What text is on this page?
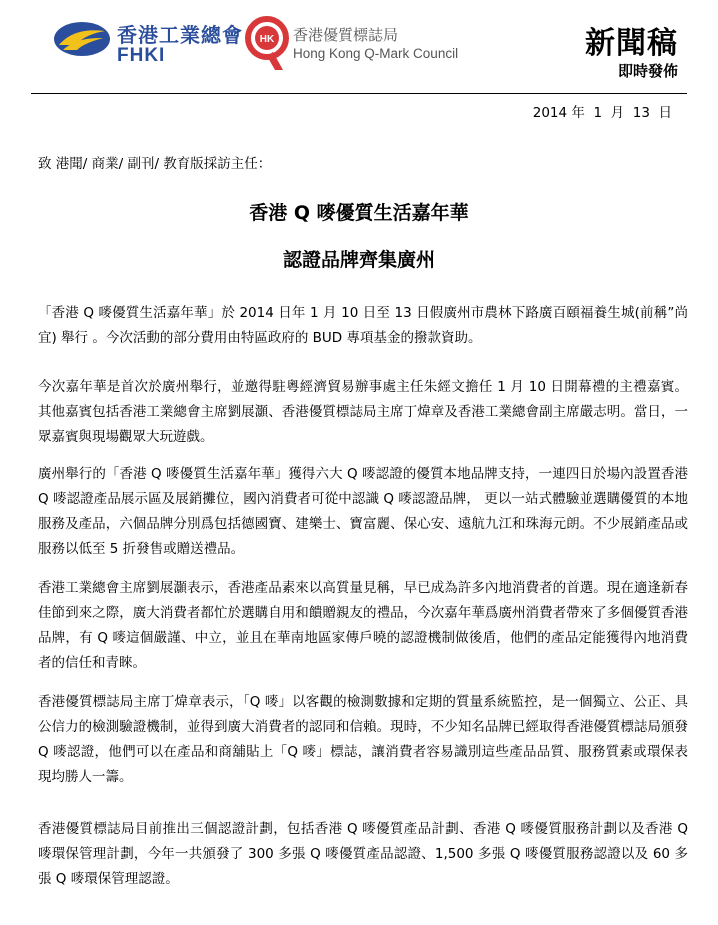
香港工業總會
FHKI
HK 香港優質標誌局
Hong Kong Q-Mark Council	新聞稿
即時發佈
2014 年  1  月  13  日
致 港聞/ 商業/ 副刊/ 教育版採訪主任：
香港 Q 嘜優質生活嘉年華
認證品牌齊集廣州

「香港 Q 嘜優質生活嘉年華」於 2014 日年 1 月 10 日至 13 日假廣州市農林下路廣百頤福養生城(前稱”尚宜) 舉行 。今次活動的部分費用由特區政府的 BUD 專項基金的撥款資助。

今次嘉年華是首次於廣州舉行，並邀得駐粵經濟貿易辦事處主任朱經文擔任 1 月 10 日開幕禮的主禮嘉賓。其他嘉賓包括香港工業總會主席劉展灝、香港優質標誌局主席丁煒章及香港工業總會副主席嚴志明。當日，一眾嘉賓與現場觀眾大玩遊戲。

廣州舉行的「香港 Q 嘜優質生活嘉年華」獲得六大 Q 嘜認證的優質本地品牌支持，一連四日於場內設置香港 Q 嘜認證產品展示區及展銷攤位，國內消費者可從中認識 Q 嘜認證品牌， 更以一站式體驗並選購優質的本地服務及產品，六個品牌分別爲包括德國寶、建樂士、寶富麗、保心安、遠航九江和珠海元朗。不少展銷產品或服務以低至 5 折發售或贈送禮品。

香港工業總會主席劉展灝表示，香港產品素來以高質量見稱，早已成為許多內地消費者的首選。現在適逢新春佳節到來之際，廣大消費者都忙於選購自用和饋贈親友的禮品，今次嘉年華爲廣州消費者帶來了多個優質香港品牌，有 Q 嘜這個嚴謹、中立，並且在華南地區家傳戶曉的認證機制做後盾，他們的產品定能獲得內地消費者的信任和青睞。

香港優質標誌局主席丁煒章表示，「Q 嘜」以客觀的檢測數據和定期的質量系統監控，是一個獨立、公正、具公信力的檢測驗證機制，並得到廣大消費者的認同和信賴。現時，不少知名品牌已經取得香港優質標誌局頒發 Q 嘜認證，他們可以在產品和商舖貼上「Q 嘜」標誌，讓消費者容易識別這些產品品質、服務質素或環保表現均勝人一籌。

香港優質標誌局目前推出三個認證計劃，包括香港 Q 嘜優質產品計劃、香港 Q 嘜優質服務計劃以及香港 Q 嘜環保管理計劃，今年一共頒發了 300 多張 Q 嘜優質產品認證、1,500 多張 Q 嘜優質服務認證以及 60 多張 Q 嘜環保管理認證。
